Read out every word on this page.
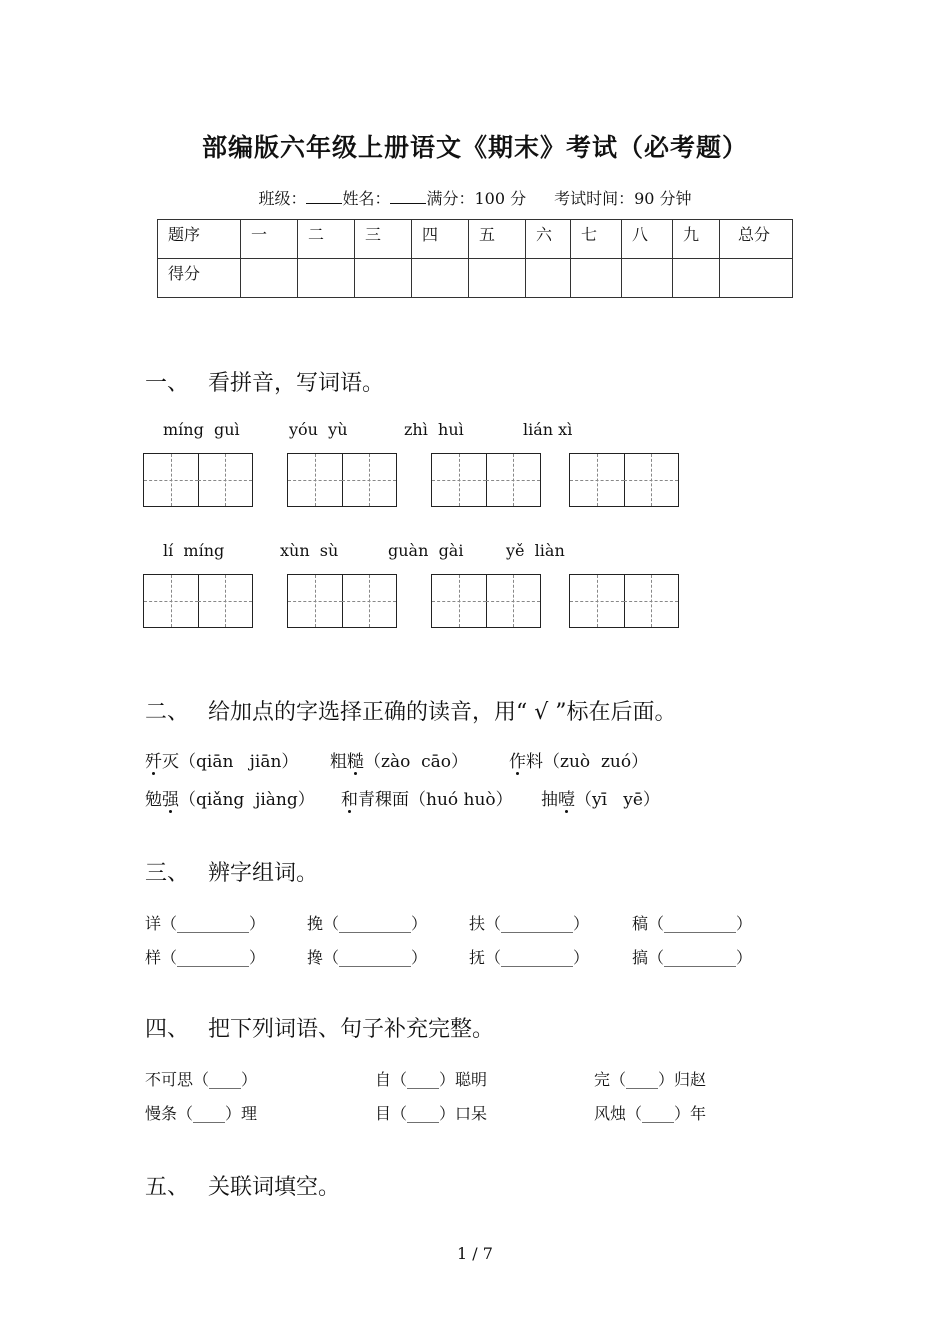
部编版六年级上册语文《期末》考试（必考题）
班级： 姓名： 满分：100 分 考试时间：90 分钟
题序	一	二	三	四	五	六	七	八	九	总分
得分										
一、 看拼音，写词语。
míng  guì	yóu  yù	zhì  huì	lián xì
lí  míng	xùn  sù	guàn  gài	yě  liàn
二、 给加点的字选择正确的读音，用“ √ ”标在后面。
歼灭（qiān   jiān） 粗糙（zào  cāo） 作料（zuò  zuó）
勉强（qiǎng  jiàng） 和青稞面（huó huò） 抽噎（yī   yē）
三、 辨字组词。
详（_________）	挽（_________）	扶（_________）	稿（_________）
样（_________）	搀（_________）	抚（_________）	搞（_________）
四、 把下列词语、句子补充完整。
不可思（____）	自（____）聪明	完（____）归赵
慢条（____）理	目（____）口呆	风烛（____）年
五、 关联词填空。
1 / 7
